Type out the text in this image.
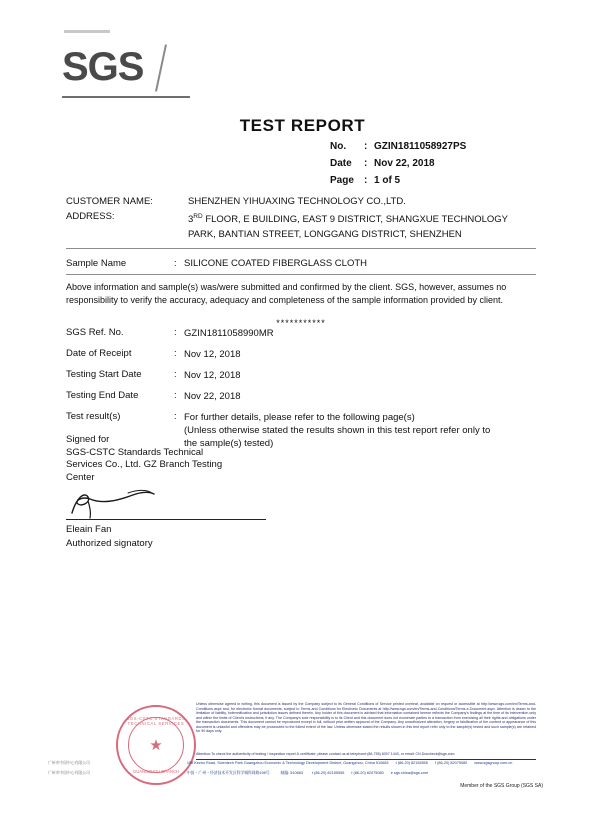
SGS
TEST REPORT
No.	: GZIN1811058927PS
Date	: Nov 22, 2018
Page	: 1 of 5
CUSTOMER NAME:	SHENZHEN YIHUAXING TECHNOLOGY CO.,LTD.
ADDRESS:	3RD FLOOR, E BUILDING, EAST 9 DISTRICT, SHANGXUE TECHNOLOGY
PARK, BANTIAN STREET, LONGGANG DISTRICT, SHENZHEN
Sample Name	: SILICONE COATED FIBERGLASS CLOTH
Above information and sample(s) was/were submitted and confirmed by the client. SGS, however, assumes no responsibility to verify the accuracy, adequacy and completeness of the sample information provided by client.
***********
SGS Ref. No.	: GZIN1811058990MR
Date of Receipt	: Nov 12, 2018
Testing Start Date	: Nov 12, 2018
Testing End Date	: Nov 22, 2018
Test result(s)	: For further details, please refer to the following page(s)
(Unless otherwise stated the results shown in this test report refer only to
the sample(s) tested)
Signed for
SGS-CSTC Standards Technical
Services Co., Ltd. GZ Branch Testing
Center
Eleain Fan
Authorized signatory
SGS-CSTC STANDARDS TECHNICAL SERVICES
★
GUANGZHOU BRANCH
Unless otherwise agreed in writing, this document is issued by the Company subject to its General Conditions of Service printed overleaf, available on request or accessible at http://www.sgs.com/en/Terms-and-Conditions.aspx and, for electronic format documents, subject to Terms and Conditions for Electronic Documents at http://www.sgs.com/en/Terms-and-Conditions/Terms-e-Document.aspx. Attention is drawn to the limitation of liability, indemnification and jurisdiction issues defined therein. Any holder of this document is advised that information contained hereon reflects the Company's findings at the time of its intervention only and within the limits of Client's instructions, if any. The Company's sole responsibility is to its Client and this document does not exonerate parties to a transaction from exercising all their rights and obligations under the transaction documents. This document cannot be reproduced except in full, without prior written approval of the Company. Any unauthorized alteration, forgery or falsification of the content or appearance of this document is unlawful and offenders may be prosecuted to the fullest extent of the law. Unless otherwise stated the results shown in this test report refer only to the sample(s) tested and such sample(s) are retained for 90 days only.
Attention:To check the authenticity of testing / inspection report & certificate, please contact us at telephone:(86-755) 8307 1443, or email: CN.Doccheck@sgs.com
广州市中国中心有限公司	198 Kezhu Road, Scientech Park Guangzhou Economic & Technology Development District, Guangzhou, China 510663 t (86-20) 82155555 f (86-20) 82075080 www.sgsgroup.com.cn
广州市中国中心有限公司	中国 ･ 广州 ･ 经济技术开发区科学城科珠路198号	邮编: 510663 t (86-20) 82155555 f (86-20) 82075080 e sgs.china@sgs.com
Member of the SGS Group (SGS SA)
